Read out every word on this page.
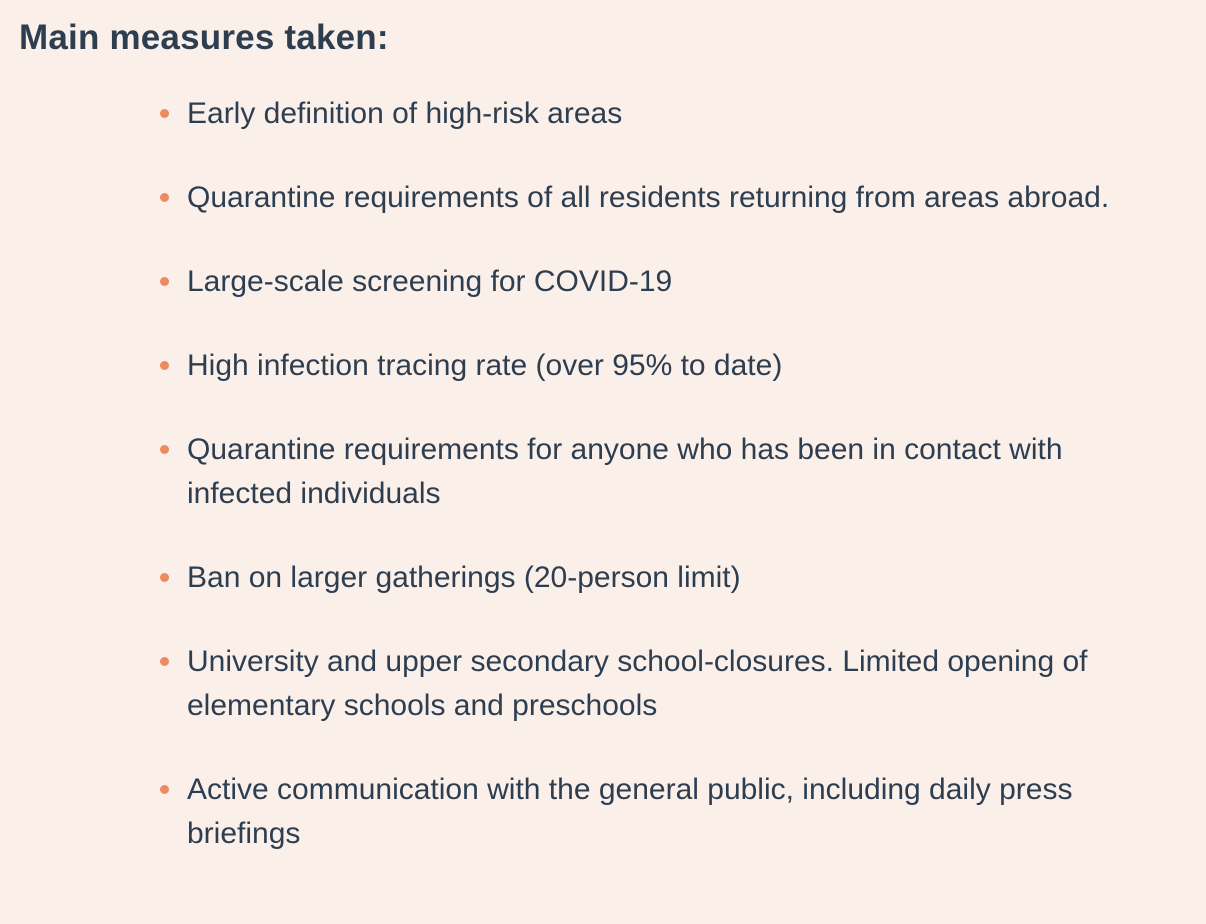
Main measures taken:
Early definition of high-risk areas
Quarantine requirements of all residents returning from areas abroad.
Large-scale screening for COVID-19
High infection tracing rate (over 95% to date)
Quarantine requirements for anyone who has been in contact with infected individuals
Ban on larger gatherings (20-person limit)
University and upper secondary school-closures. Limited opening of elementary schools and preschools
Active communication with the general public, including daily press briefings
